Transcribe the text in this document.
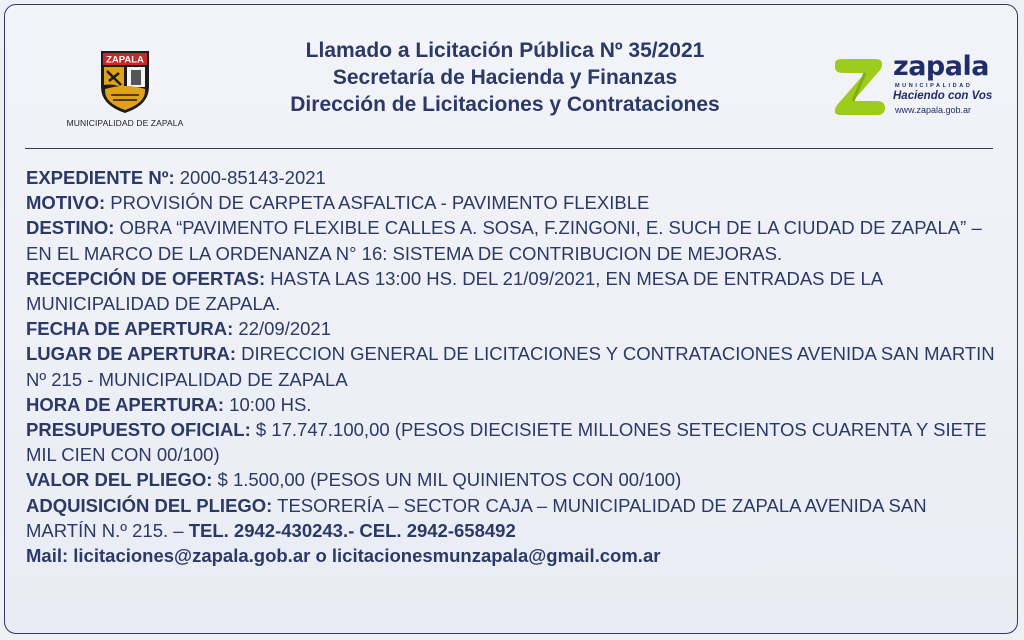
ZAPALA
MUNICIPALIDAD DE ZAPALA
Llamado a Licitación Pública Nº 35/2021
Secretaría de Hacienda y Finanzas
Dirección de Licitaciones y Contrataciones
zapala
MUNICIPALIDAD
Haciendo con Vos
www.zapala.gob.ar

EXPEDIENTE Nº: 2000-85143-2021

MOTIVO: PROVISIÓN DE CARPETA ASFALTICA - PAVIMENTO FLEXIBLE

DESTINO: OBRA “PAVIMENTO FLEXIBLE CALLES A. SOSA, F.ZINGONI, E. SUCH DE LA CIUDAD DE ZAPALA” – EN EL MARCO DE LA ORDENANZA N° 16: SISTEMA DE CONTRIBUCION DE MEJORAS.

RECEPCIÓN DE OFERTAS: HASTA LAS 13:00 HS. DEL 21/09/2021, EN MESA DE ENTRADAS DE LA MUNICIPALIDAD DE ZAPALA.

FECHA DE APERTURA: 22/09/2021

LUGAR DE APERTURA: DIRECCION GENERAL DE LICITACIONES Y CONTRATACIONES AVENIDA SAN MARTIN Nº 215 - MUNICIPALIDAD DE ZAPALA

HORA DE APERTURA: 10:00 HS.

PRESUPUESTO OFICIAL: $ 17.747.100,00 (PESOS DIECISIETE MILLONES SETECIENTOS CUARENTA Y SIETE MIL CIEN CON 00/100)

VALOR DEL PLIEGO: $ 1.500,00 (PESOS UN MIL QUINIENTOS CON 00/100)

ADQUISICIÓN DEL PLIEGO: TESORERÍA – SECTOR CAJA – MUNICIPALIDAD DE ZAPALA AVENIDA SAN MARTÍN N.º 215. – TEL. 2942-430243.- CEL. 2942-658492

Mail: licitaciones@zapala.gob.ar o licitacionesmunzapala@gmail.com.ar
